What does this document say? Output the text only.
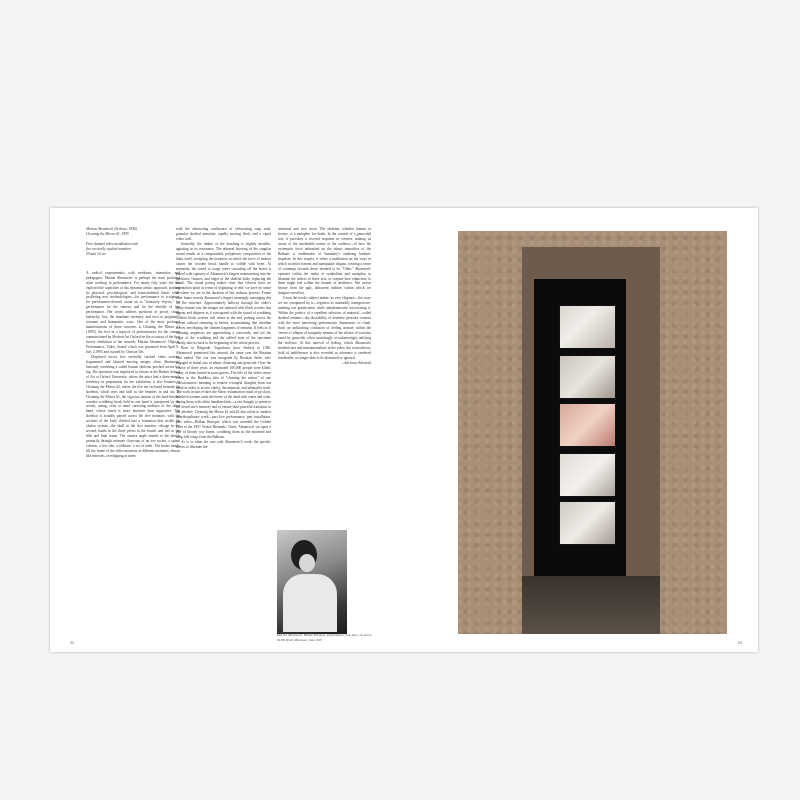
Marina Abramović (Serbian, 1946)

Cleaning the Mirror #1, 1995

Five-channel video installation with

five vertically stacked monitors

29 min 14 sec

A radical experimentist with mediums, intensities, and pedagogies, Marina Abramović is perhaps the most profound artist working in performance. For nearly fifty years she has explored the capacities of this dynamic artistic approach, probing its physical, psychological, and transcendental limits while proffering new methodologies—for performance to sculpture, for performance-derived visual art as "transitory objects," for performance for the camera, and for the afterlife of live performance. Her works address questions of power, ritual, hierarchy, loss, the mundane, memory, and trust in poignantly resonant and humanistic ways. One of the most profound manifestations of these concerns is Cleaning the Mirror #1 (1995), the first in a triptych of performances for the camera commissioned by Modern Art Oxford on the occasion of the first survey exhibition of her artwork, Marina Abramović: Objects, Performance, Video, Sound, which was presented from April 9–July 2,1995 and curated by Chrissie Iles.

Displayed across five vertically stacked video screens, fragmented and blurred moving images show Abramović furiously scrubbing a soiled human skeleton perched across her lap. The specimen was employed in classes at the Ruskin School of Art at Oxford University, where the artist had a three-month residency in preparation for her exhibition; it also features in Cleaning the Mirror #2, where the live ten seclassid beneath the skeleton, which rises and falls as she breathes in and out. In Cleaning the Mirror #1, the vigorous motion of the hard-bristled wooden scrubbing brush held in one hand is juxtaposed by the steady, caring, even at times caressing embrace of the other hand, whose touch is more attentive than supportive. The skeleton is actually parsed across the five monitors, with the sections of the body divided into a formation that recalls the chakra system—the skull in the first monitor, ribcage in the second, hands in the third, pelvis in the fourth, and feet in the fifth and final frame. The camera angle attends to the details primarily through intimate close-ups of an eye socket, a spinal column, a few ribs, a tailbone, a set of teeth. The bones nearly fill the frame of the video monitors at different moments, almost like intervals, overlapping at times

with the obstructing confluence of obfuscating soap suds, granular skeletal minutiae, rapidly moving flesh, and a vapid white wall.

Sonically, the timbre of the brushing is slightly metallic, agitating in its resonance. The ethereal layering of the singular sound results in a compounded, polyphonic composition of the labor itself, excepting the instances in which the force of motion causes the wooden brush handle to collide with bone. At moments, the sound of soapy water cascading off the bones is paired with captures of Abramović's fingers maneuvering into the apertures, fissures, and edges of the skeletal body, replacing the brush. The visual pacing makes clear that viewers have no orientation point in terms of beginning or end; we have no sense of where we are in the duration of this arduous process. Frame after frame reveals Abramović's fingers seemingly massaging dirt off the structure. Approximately halfway through the video's thirty-minute run, the images are replaced with black screens that appear and disperse as if syncopated with the sound of scrubbing—these black screens will return at the end, pulsing across the screen without returning as before, accumulating like obsidian waves, enveloping the cleaned fragments of remains. It feels as if cleaning sequences are approaching a crescendo, and yet the vigor of the scrubbing and the sullied state of the specimen clearly take us back to the beginning of the whole process.

Born in Belgrade, Yugoslavia (now Serbia) in 1946, Abramović premiered this artwork the same year the Bosnian War ended. The war was instigated by Bosnian Serbs, who engaged in brutal acts of ethnic cleansing and genocide. Over the course of three years, an estimated 100,000 people were killed, many of them buried in mass graves. The title of the video seizes refers to the Buddhist idea of "cleaning the mirror" of one consciousness, meaning to remove wrongful thoughts from our mind in order to access clarity, discernment, and ultimately truth. The work in turn evokes the Slavic exhumation ritual of po slova, in which women wash the bones of the dead with water and wine, drying them with white handkerchiefs—a rite thought to preserve the loved one's memory and to ensure their peaceful transition to the afterlife. Cleaning the Mirror #1 and #2 also relate to another interdisciplinary work—part live performance, part installation, part video—Balkan Baroque, which was awarded the Golden Lion at the 1997 Venice Biennale. There, Abramović sat upon a pile of bloody cow bones, scrubbing them as she mourned and sang folk songs from the Balkans.

As is so often the case with Abramović's work, the specific serves to illustrate the

universal and vice versa. The skeleton, whether human or bovine, is a metaphor for death. In the context of a genocidal war, it provokes a visceral response in viewers, making us aware of the intolerable nature of the violence—of how the systematic force unleashed on the ethnic minorities of the Balkans is emblematic of humanity's enduring barbaric impulses. In this respect, it offers a meditation on the ways in which societies foment and manipulate disgust, creating a sense of contempt towards those deemed to be "Other." Abramović operates within the realm of symbolism and metaphor to illumine the affects of these acts, to conjure how ethnicities to them might feel within the bounds of aesthetics. She wrests beauty from the ugly, abhorrent realities within which we imagine ourselves.

Given the work's subject matter, its very elegance—the ways we are enraptured by it—registers as unsteadily transgressive, undoing our gratification while simultaneously intoxicating it. Within the poetics of a repellent selection of material—soiled skeletal remains—the desirability of aesthetic pleasure consists with the most harrowing performative dimensions of ritual. Such an unflinching confusion of feeling arouses within the viewer a collapse of sympathy mourns of the silence of societies razed by genocide, often unwittingly or unknowingly ratifying the violence. At this interval of feeling, which Abramović aestheticizes and instrumentalizes in the video, the contradictory hold of indifference is also revealed as tolerance is rendered intolerable, no longer able to be dismissed or ignored.

—Adrienne Edwards

Marina Abramović, Balkan Baroque, performance, four days, six hours, XLVII Venice Biennale, June 1997
22	23
